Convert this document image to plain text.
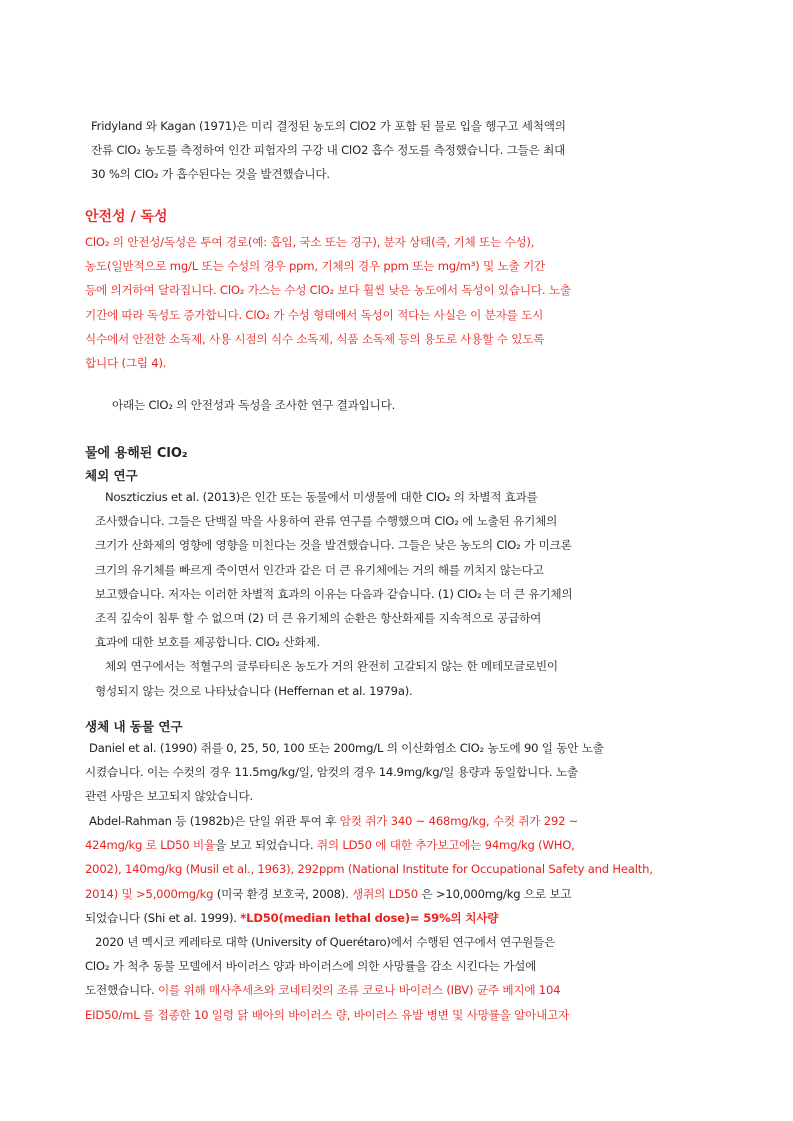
Fridyland 와 Kagan (1971)은 미리 결정된 농도의 ClO2 가 포함 된 물로 입을 헹구고 세척액의
잔류 ClO₂ 농도를 측정하여 인간 피험자의 구강 내 ClO2 흡수 정도를 측정했습니다. 그들은 최대
30 %의 ClO₂ 가 흡수된다는 것을 발견했습니다.

안전성 / 독성

ClO₂ 의 안전성/독성은 투여 경로(예: 흡입, 국소 또는 경구), 분자 상태(즉, 기체 또는 수성),
농도(일반적으로 mg/L 또는 수성의 경우 ppm, 기체의 경우 ppm 또는 mg/m³) 및 노출 기간
등에 의거하여 달라집니다. ClO₂ 가스는 수성 ClO₂ 보다 훨씬 낮은 농도에서 독성이 있습니다. 노출
기간에 따라 독성도 증가합니다. ClO₂ 가 수성 형태에서 독성이 적다는 사실은 이 분자를 도시
식수에서 안전한 소독제, 사용 시점의 식수 소독제, 식품 소독제 등의 용도로 사용할 수 있도록
합니다 (그림 4).

아래는 ClO₂ 의 안전성과 독성을 조사한 연구 결과입니다.

물에 용해된 ClO₂

체외 연구

Noszticzius et al. (2013)은 인간 또는 동물에서 미생물에 대한 ClO₂ 의 차별적 효과를
조사했습니다. 그들은 단백질 막을 사용하여 관류 연구를 수행했으며 ClO₂ 에 노출된 유기체의
크기가 산화제의 영향에 영향을 미친다는 것을 발견했습니다. 그들은 낮은 농도의 ClO₂ 가 미크론
크기의 유기체를 빠르게 죽이면서 인간과 같은 더 큰 유기체에는 거의 해를 끼치지 않는다고
보고했습니다. 저자는 이러한 차별적 효과의 이유는 다음과 같습니다. (1) ClO₂ 는 더 큰 유기체의
조직 깊숙이 침투 할 수 없으며 (2) 더 큰 유기체의 순환은 항산화제를 지속적으로 공급하여
효과에 대한 보호를 제공합니다. ClO₂ 산화제.
체외 연구에서는 적혈구의 글루타티온 농도가 거의 완전히 고갈되지 않는 한 메테모글로빈이
형성되지 않는 것으로 나타났습니다 (Heffernan et al. 1979a).

생체 내 동물 연구

Daniel et al. (1990) 쥐를 0, 25, 50, 100 또는 200mg/L 의 이산화염소 ClO₂ 농도에 90 일 동안 노출
시켰습니다. 이는 수컷의 경우 11.5mg/kg/일, 암컷의 경우 14.9mg/kg/일 용량과 동일합니다. 노출
관련 사망은 보고되지 않았습니다.

Abdel-Rahman 등 (1982b)은 단일 위관 투여 후 암컷 쥐가 340 ~ 468mg/kg, 수컷 쥐가 292 ~
424mg/kg 로 LD50 비율을 보고 되었습니다. 쥐의 LD50 에 대한 추가보고에는 94mg/kg (WHO,
2002), 140mg/kg (Musil et al., 1963), 292ppm (National Institute for Occupational Safety and Health,
2014) 및 >5,000mg/kg (미국 환경 보호국, 2008). 생쥐의 LD50 은 >10,000mg/kg 으로 보고
되었습니다 (Shi et al. 1999). *LD50(median lethal dose)= 59%의 치사량

2020 년 멕시코 케레타로 대학 (University of Querétaro)에서 수행된 연구에서 연구원들은
ClO₂ 가 척추 동물 모델에서 바이러스 양과 바이러스에 의한 사망률을 감소 시킨다는 가설에
도전했습니다. 이를 위해 매사추세츠와 코네티컷의 조류 코로나 바이러스 (IBV) 균주 베지에 104
EID50/mL 를 접종한 10 일령 닭 배아의 바이러스 량, 바이러스 유발 병변 및 사망률을 알아내고자
